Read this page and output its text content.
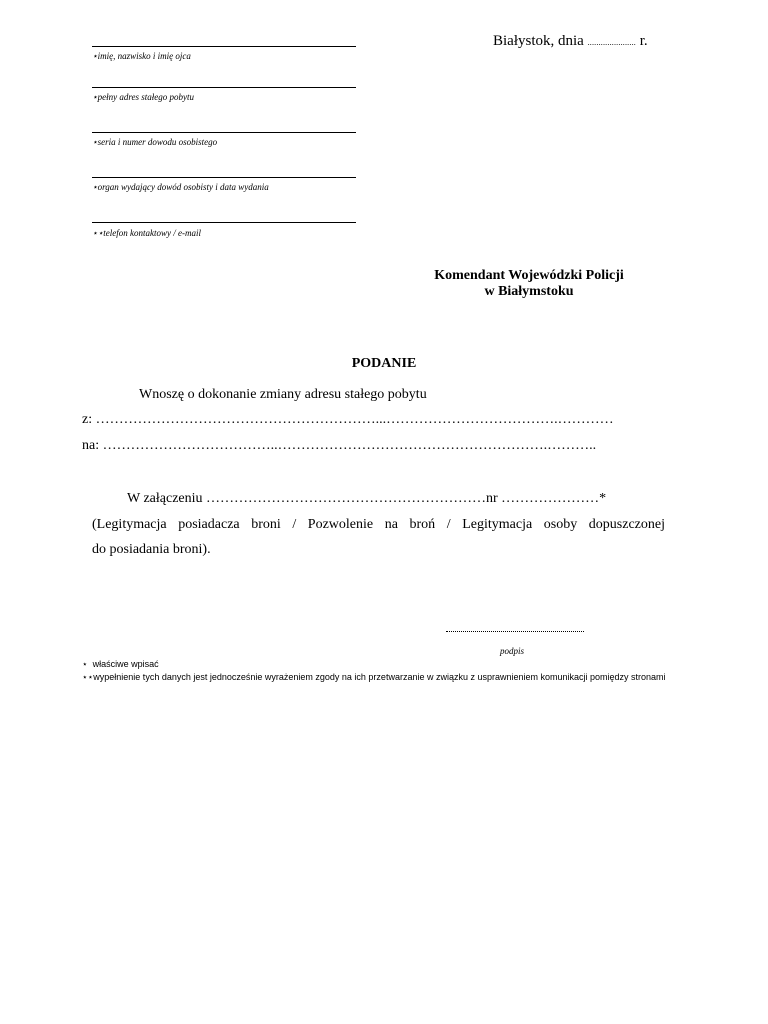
Białystok, dnia ...................... r.
⋆imię, nazwisko i imię ojca
⋆pełny adres stałego pobytu
⋆seria i numer dowodu osobistego
⋆organ wydający dowód osobisty i data wydania
⋆⋆telefon kontaktowy / e-mail
Komendant Wojewódzki Policji
w Białymstoku
PODANIE
Wnoszę o dokonanie zmiany adresu stałego pobytu
z: ……………………………………………………...……………………………….…………
na: ………………………………..………………………………………………….………..
W załączeniu ……………………………………………………nr …………………*
(Legitymacja posiadacza broni / Pozwolenie na broń / Legitymacja osoby dopuszczonej
do posiadania broni).
podpis
⋆ właściwe wpisać
⋆⋆wypełnienie tych danych jest jednocześnie wyrażeniem zgody na ich przetwarzanie w związku z usprawnieniem komunikacji pomiędzy stronami
